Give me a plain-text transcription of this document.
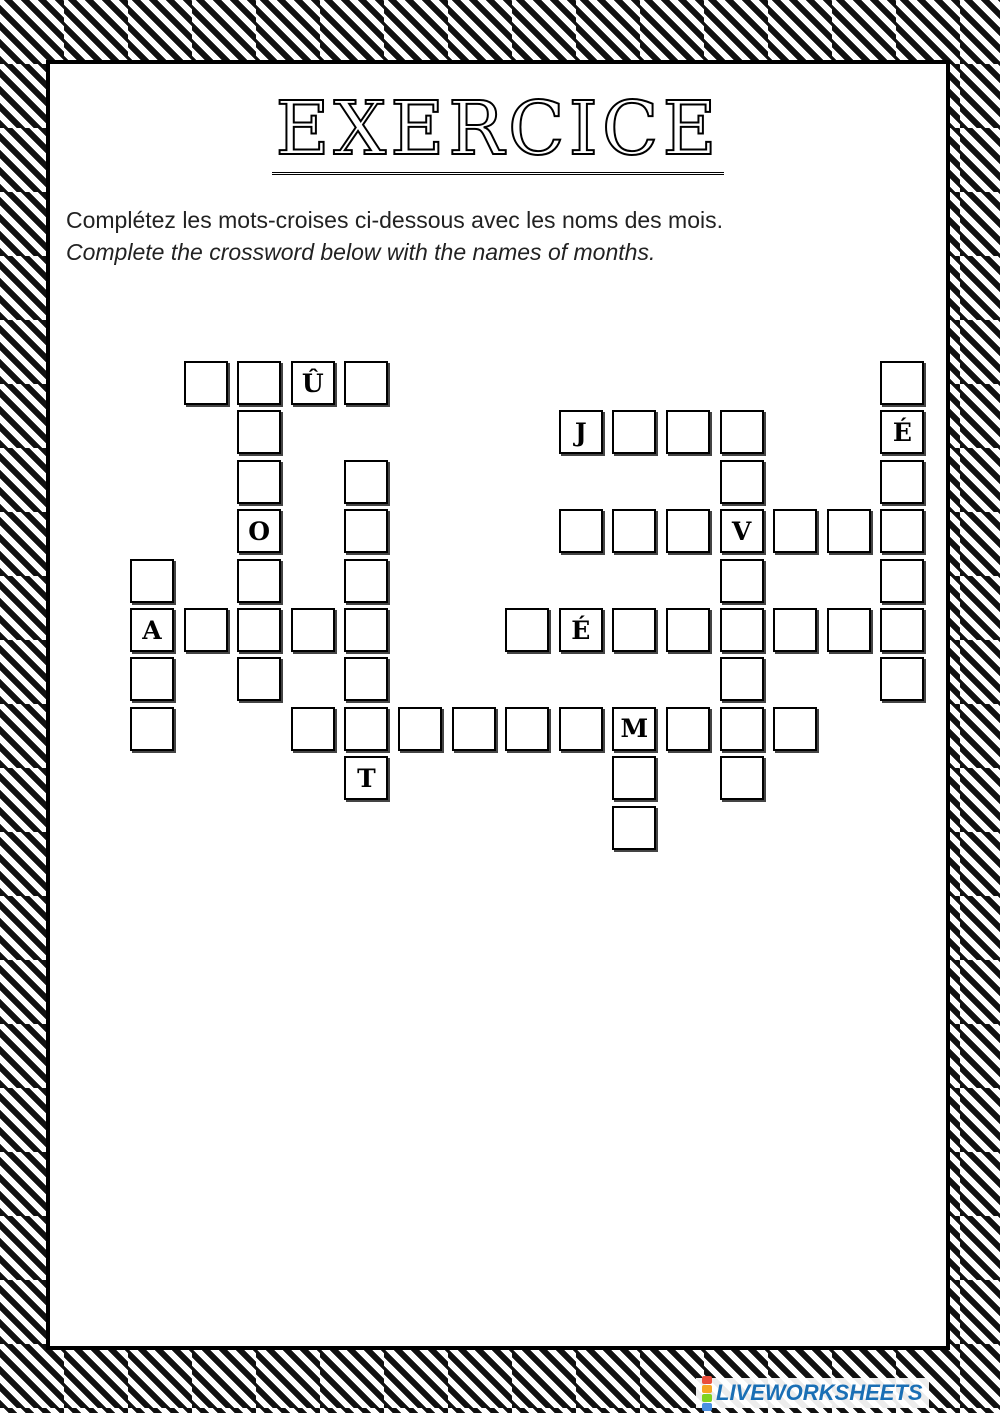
EXERCICE
Complétez les mots-croises ci-dessous avec les noms des mois.
Complete the crossword below with the names of months.
Û
J	É
O	V
A	É
M
T
LIVEWORKSHEETS
